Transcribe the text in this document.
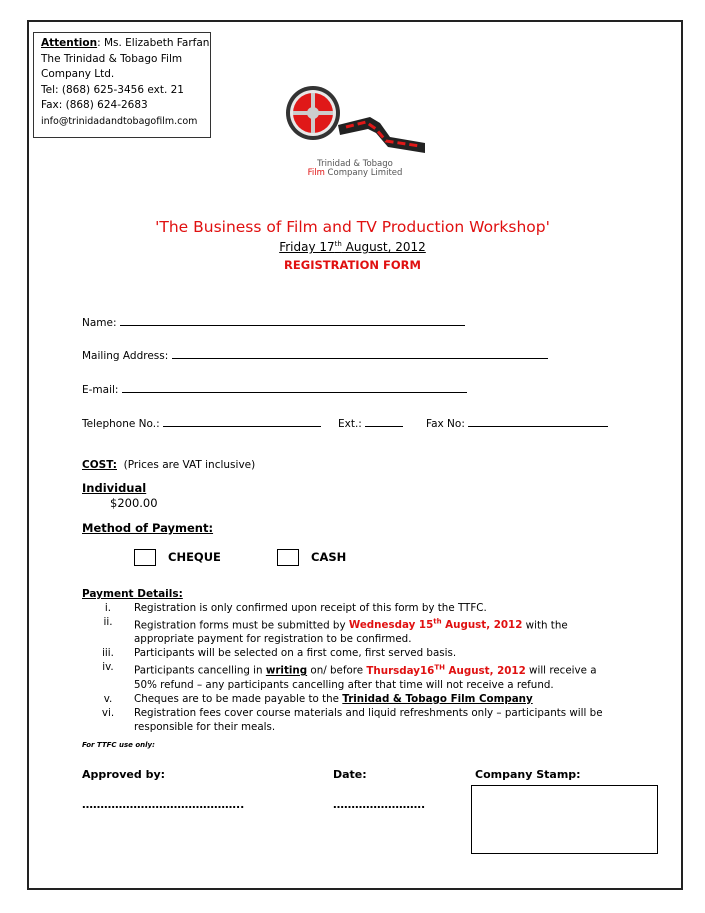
Attention: Ms. Elizabeth Farfan
The Trinidad & Tobago Film
Company Ltd.
Tel: (868) 625-3456 ext. 21
Fax: (868) 624-2683
info@trinidadandtobagofilm.com
Trinidad & Tobago
Film Company Limited
'The Business of Film and TV Production Workshop'
Friday 17th August, 2012
REGISTRATION FORM
Name:
Mailing Address:
E-mail:
Telephone No.:	Ext.:	Fax No:
COST: (Prices are VAT inclusive)
Individual
$200.00
Method of Payment:
CHEQUE	CASH
Payment Details:
i.	Registration is only confirmed upon receipt of this form by the TTFC.
ii.	Registration forms must be submitted by Wednesday 15th August, 2012 with the appropriate payment for registration to be confirmed.
iii.	Participants will be selected on a first come, first served basis.
iv.	Participants cancelling in writing on/ before Thursday16TH August, 2012 will receive a 50% refund – any participants cancelling after that time will not receive a refund.
v.	Cheques are to be made payable to the Trinidad & Tobago Film Company
vi.	Registration fees cover course materials and liquid refreshments only – participants will be responsible for their meals.
For TTFC use only:
Approved by:	Date:	Company Stamp:
……………………………………..	…………………….
